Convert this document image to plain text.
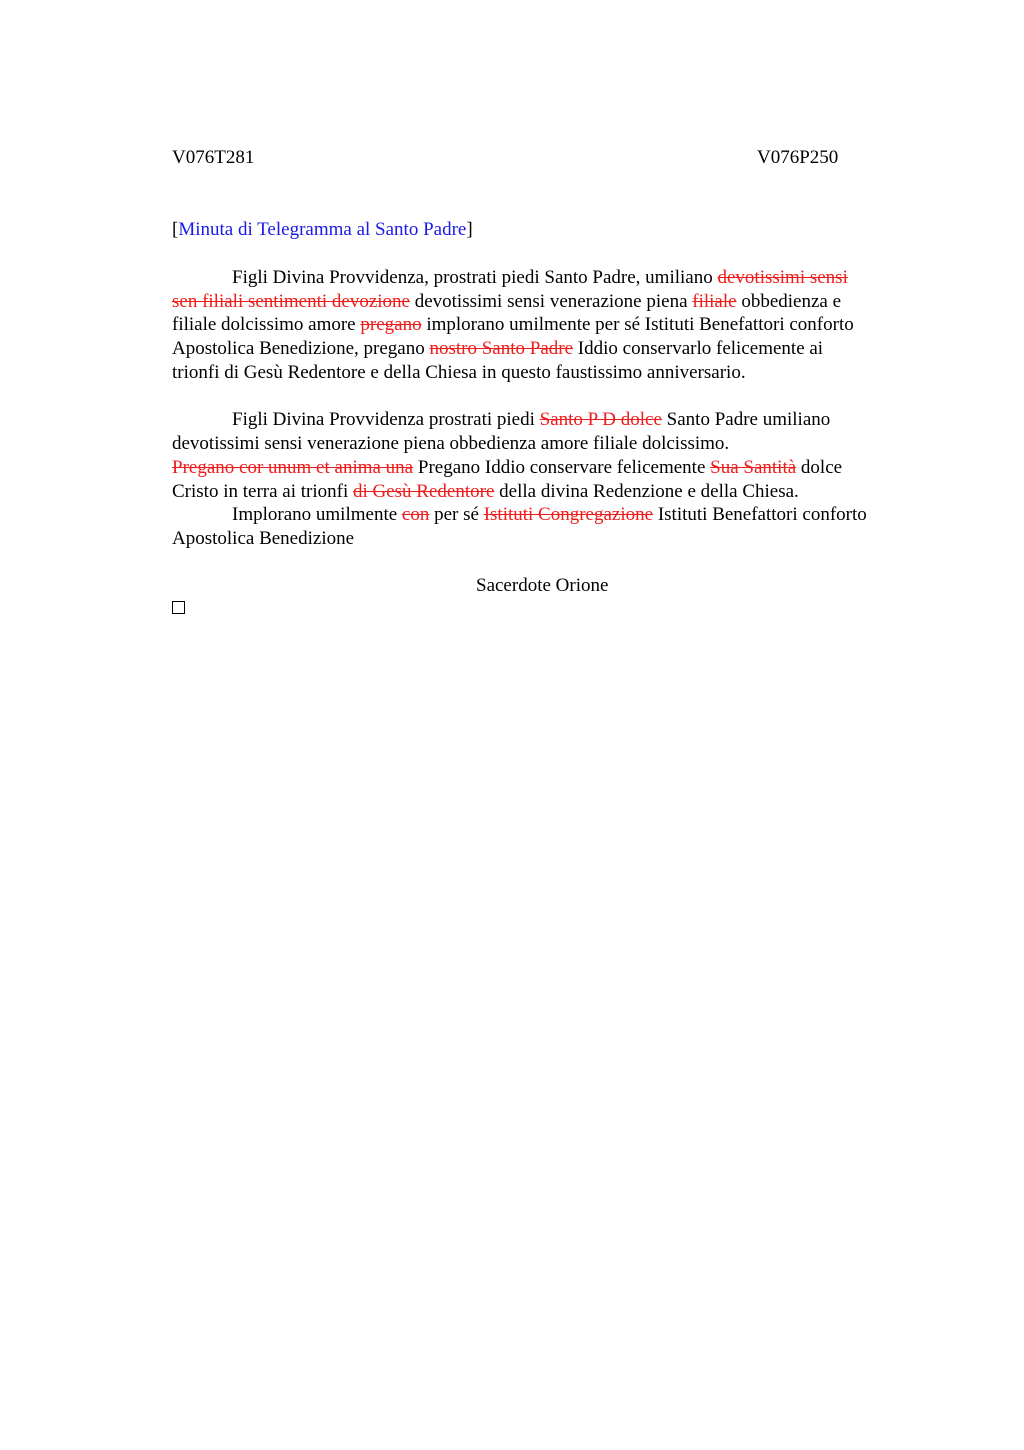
V076T281	V076P250
[Minuta di Telegramma al Santo Padre]
Figli Divina Provvidenza, prostrati piedi Santo Padre, umiliano devotissimi sensi
sen filiali sentimenti devozione devotissimi sensi venerazione piena filiale obbedienza e
filiale dolcissimo amore pregano implorano umilmente per sé Istituti Benefattori conforto
Apostolica Benedizione, pregano nostro Santo Padre Iddio conservarlo felicemente ai
trionfi di Gesù Redentore e della Chiesa in questo faustissimo anniversario.
Figli Divina Provvidenza prostrati piedi Santo P D dolce Santo Padre umiliano
devotissimi sensi venerazione piena obbedienza amore filiale dolcissimo.
Pregano cor unum et anima una Pregano Iddio conservare felicemente Sua Santità dolce
Cristo in terra ai trionfi di Gesù Redentore della divina Redenzione e della Chiesa.
Implorano umilmente con per sé Istituti Congregazione Istituti Benefattori conforto
Apostolica Benedizione
Sacerdote Orione
